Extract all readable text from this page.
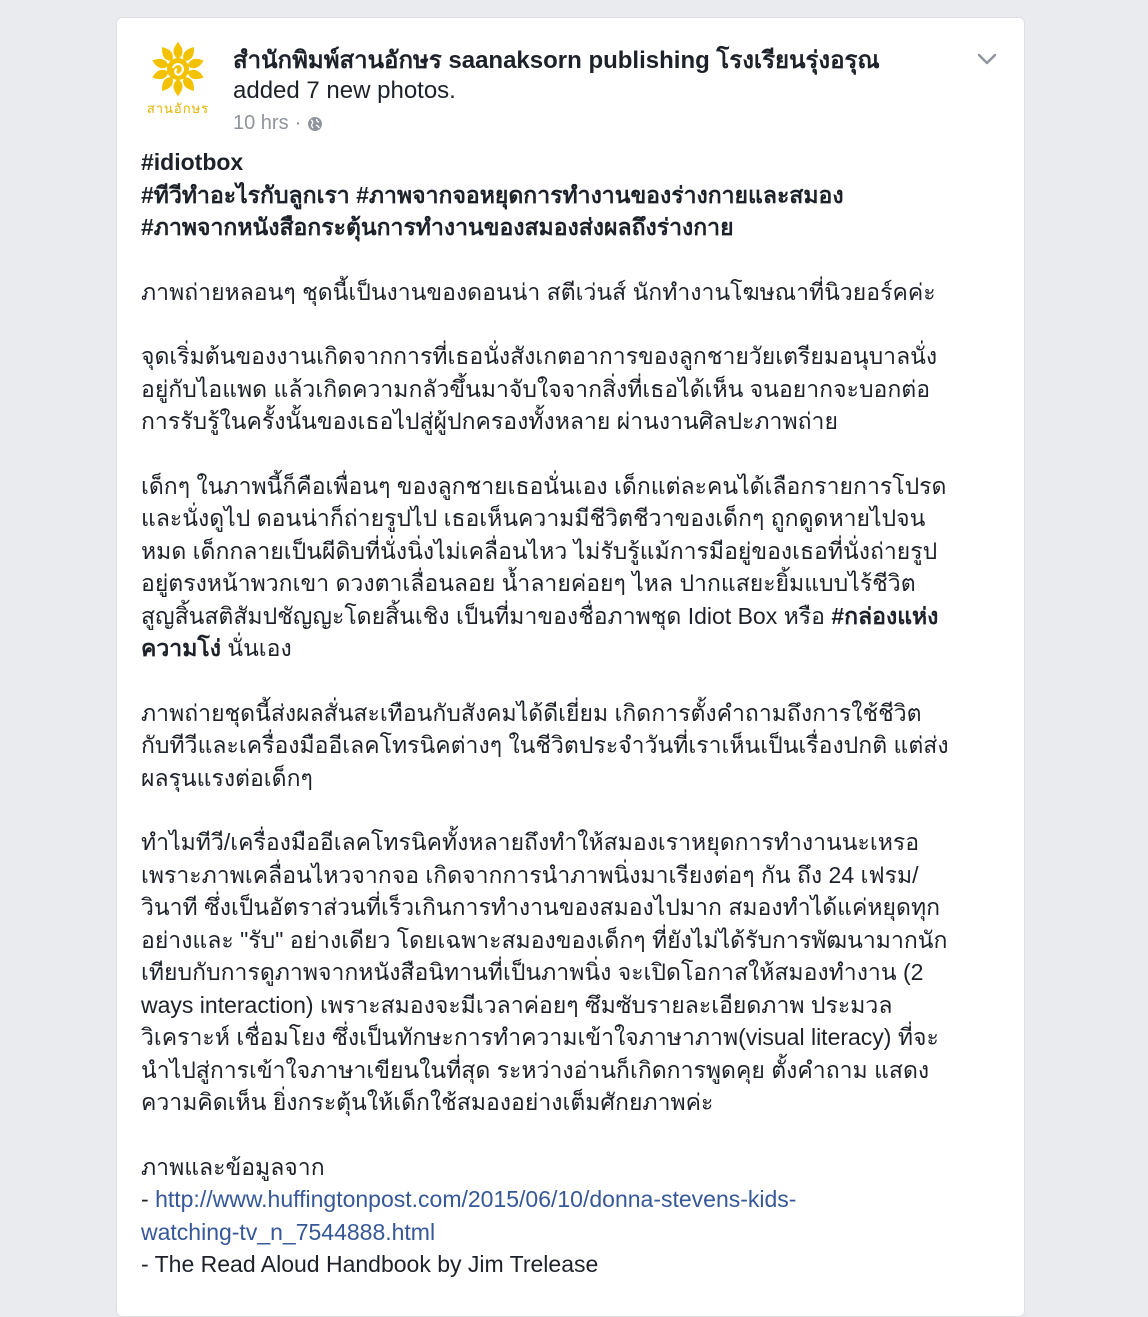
สานอักษร
สำนักพิมพ์สานอักษร saanaksorn publishing โรงเรียนรุ่งอรุณ
added 7 new photos.
10 hrs ·

#idiotbox
#ทีวีทำอะไรกับลูกเรา #ภาพจากจอหยุดการทำงานของร่างกายและสมอง
#ภาพจากหนังสือกระตุ้นการทำงานของสมองส่งผลถึงร่างกาย

ภาพถ่ายหลอนๆ ชุดนี้เป็นงานของดอนน่า สตีเว่นส์ นักทำงานโฆษณาที่นิวยอร์คค่ะ

จุดเริ่มต้นของงานเกิดจากการที่เธอนั่งสังเกตอาการของลูกชายวัยเตรียมอนุบาลนั่ง
อยู่กับไอแพด แล้วเกิดความกลัวขึ้นมาจับใจจากสิ่งที่เธอได้เห็น จนอยากจะบอกต่อ
การรับรู้ในครั้งนั้นของเธอไปสู่ผู้ปกครองทั้งหลาย ผ่านงานศิลปะภาพถ่าย

เด็กๆ ในภาพนี้ก็คือเพื่อนๆ ของลูกชายเธอนั่นเอง เด็กแต่ละคนได้เลือกรายการโปรด
และนั่งดูไป ดอนน่าก็ถ่ายรูปไป เธอเห็นความมีชีวิตชีวาของเด็กๆ ถูกดูดหายไปจน
หมด เด็กกลายเป็นผีดิบที่นั่งนิ่งไม่เคลื่อนไหว ไม่รับรู้แม้การมีอยู่ของเธอที่นั่งถ่ายรูป
อยู่ตรงหน้าพวกเขา ดวงตาเลื่อนลอย น้ำลายค่อยๆ ไหล ปากแสยะยิ้มแบบไร้ชีวิต
สูญสิ้นสติสัมปชัญญะโดยสิ้นเชิง เป็นที่มาของชื่อภาพชุด Idiot Box หรือ #กล่องแห่ง
ความโง่ นั่นเอง

ภาพถ่ายชุดนี้ส่งผลสั่นสะเทือนกับสังคมได้ดีเยี่ยม เกิดการตั้งคำถามถึงการใช้ชีวิต
กับทีวีและเครื่องมืออีเลคโทรนิคต่างๆ ในชีวิตประจำวันที่เราเห็นเป็นเรื่องปกติ แต่ส่ง
ผลรุนแรงต่อเด็กๆ

ทำไมทีวี/เครื่องมืออีเลคโทรนิคทั้งหลายถึงทำให้สมองเราหยุดการทำงานนะเหรอ
เพราะภาพเคลื่อนไหวจากจอ เกิดจากการนำภาพนิ่งมาเรียงต่อๆ กัน ถึง 24 เฟรม/
วินาที ซึ่งเป็นอัตราส่วนที่เร็วเกินการทำงานของสมองไปมาก สมองทำได้แค่หยุดทุก
อย่างและ "รับ" อย่างเดียว โดยเฉพาะสมองของเด็กๆ ที่ยังไม่ได้รับการพัฒนามากนัก
เทียบกับการดูภาพจากหนังสือนิทานที่เป็นภาพนิ่ง จะเปิดโอกาสให้สมองทำงาน (2
ways interaction) เพราะสมองจะมีเวลาค่อยๆ ซึมซับรายละเอียดภาพ ประมวล
วิเคราะห์ เชื่อมโยง ซึ่งเป็นทักษะการทำความเข้าใจภาษาภาพ(visual literacy) ที่จะ
นำไปสู่การเข้าใจภาษาเขียนในที่สุด ระหว่างอ่านก็เกิดการพูดคุย ตั้งคำถาม แสดง
ความคิดเห็น ยิ่งกระตุ้นให้เด็กใช้สมองอย่างเต็มศักยภาพค่ะ

ภาพและข้อมูลจาก
- http://www.huffingtonpost.com/2015/06/10/donna-stevens-kids-
watching-tv_n_7544888.html
- The Read Aloud Handbook by Jim Trelease
